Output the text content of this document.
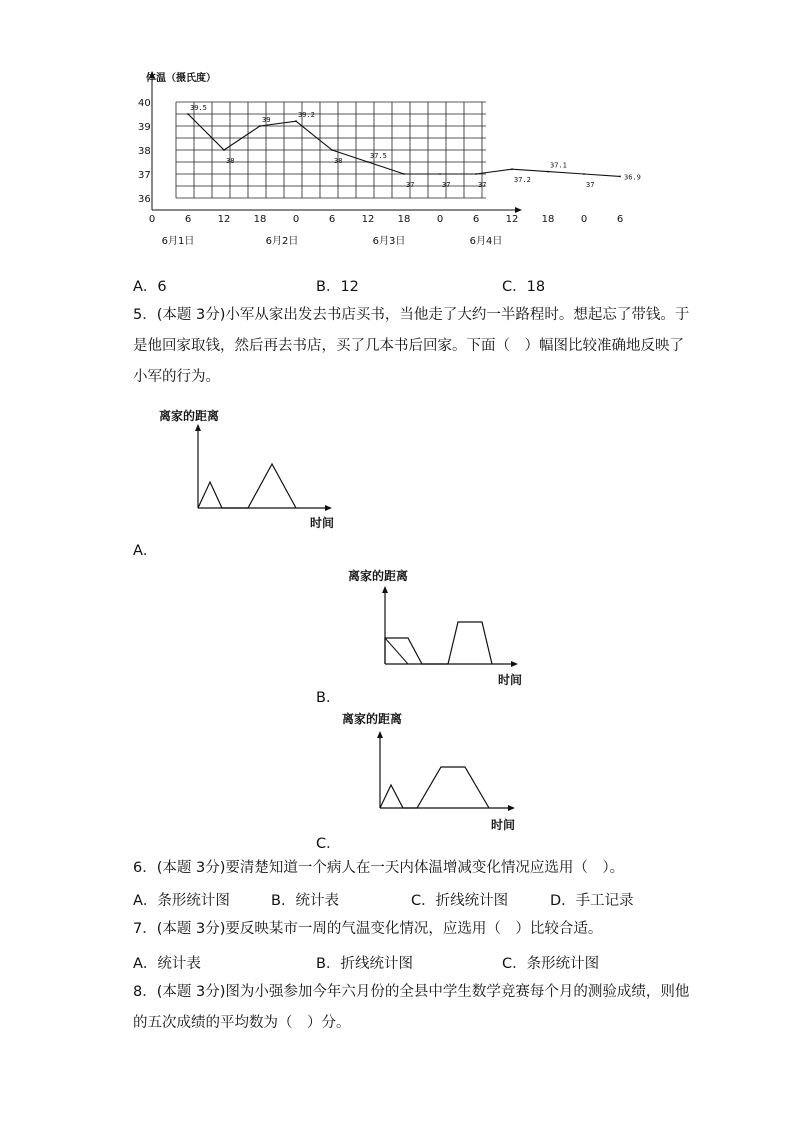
体温（摄氏度）
40
39
38
37
36
0	6	12 18	0	6	12 18	0	6	12 18	0	6
6月1日	6月2日	6月3日	6月4日
39.5
38
39
39.2
38
37.5
37	37	37
37.2
37.1
37
36.9
A．6	B．12	C．18
5．(本题 3分)小军从家出发去书店买书，当他走了大约一半路程时。想起忘了带钱。于
是他回家取钱，然后再去书店，买了几本书后回家。下面（　）幅图比较准确地反映了
小军的行为。
离家的距离
时间
A．
离家的距离
时间
B．
离家的距离
时间
C．
6．(本题 3分)要清楚知道一个病人在一天内体温增减变化情况应选用（　）。
A．条形统计图	B．统计表	C．折线统计图	D．手工记录
7．(本题 3分)要反映某市一周的气温变化情况，应选用（　）比较合适。
A．统计表	B．折线统计图	C．条形统计图
8．(本题 3分)图为小强参加今年六月份的全县中学生数学竞赛每个月的测验成绩，则他
的五次成绩的平均数为（　）分。
